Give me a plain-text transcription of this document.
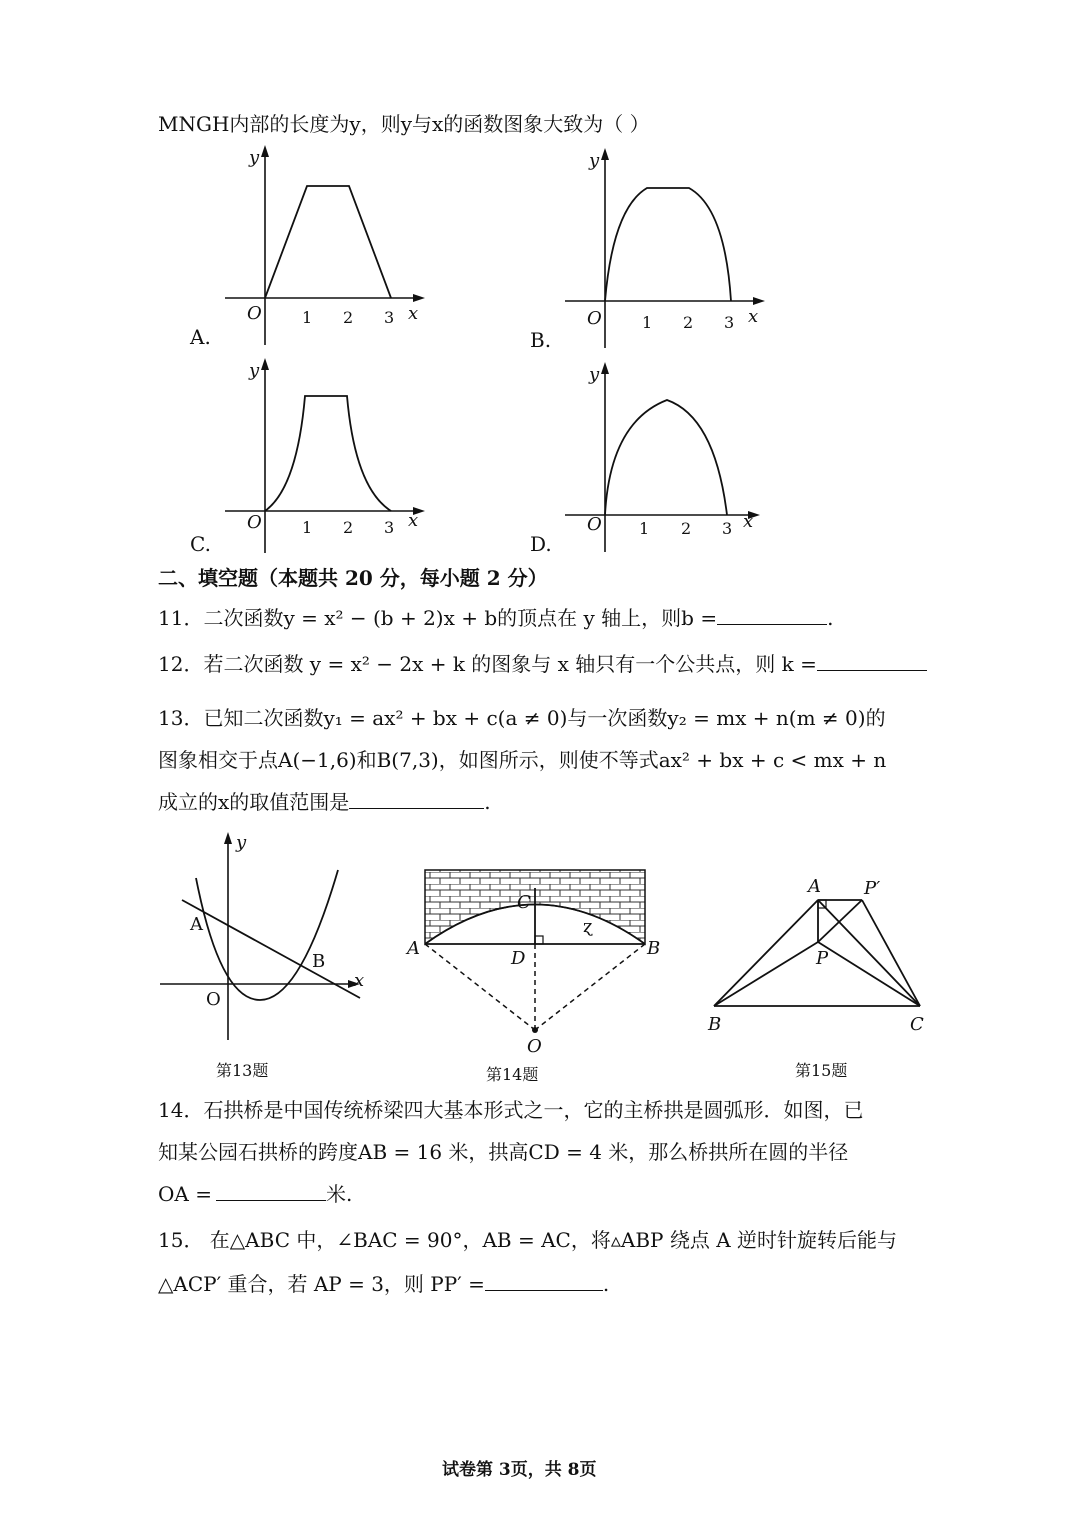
MNGH内部的长度为y，则y与x的函数图象大致为（ ）
y
x
O	1 2 3
A.
y
x
O	1 2 3
B.
y
x
O	1 2 3
C.
y
x
O 1 2 3
D.
二、填空题（本题共 20 分，每小题 2 分）
11．二次函数y = x² − (b + 2)x + b的顶点在 y 轴上，则b =	.
12．若二次函数 y = x² − 2x + k 的图象与 x 轴只有一个公共点，则 k =
13．已知二次函数y₁ = ax² + bx + c(a ≠ 0)与一次函数y₂ = mx + n(m ≠ 0)的
图象相交于点A(−1,6)和B(7,3)，如图所示，则使不等式ax² + bx + c < mx + n
成立的x的取值范围是	.
y
x
O
A
B
第13题
A	B
C
D
O
ɀ
第14题
A P′
P
B	C
第15题
14．石拱桥是中国传统桥梁四大基本形式之一，它的主桥拱是圆弧形．如图，已
知某公园石拱桥的跨度AB = 16 米，拱高CD = 4 米，那么桥拱所在圆的半径
OA =	米.
15． 在△ABC 中，∠BAC = 90°，AB = AC，将▵ABP 绕点 A 逆时针旋转后能与
△ACP′ 重合，若 AP = 3，则 PP′ =	.
试卷第 3页，共 8页
